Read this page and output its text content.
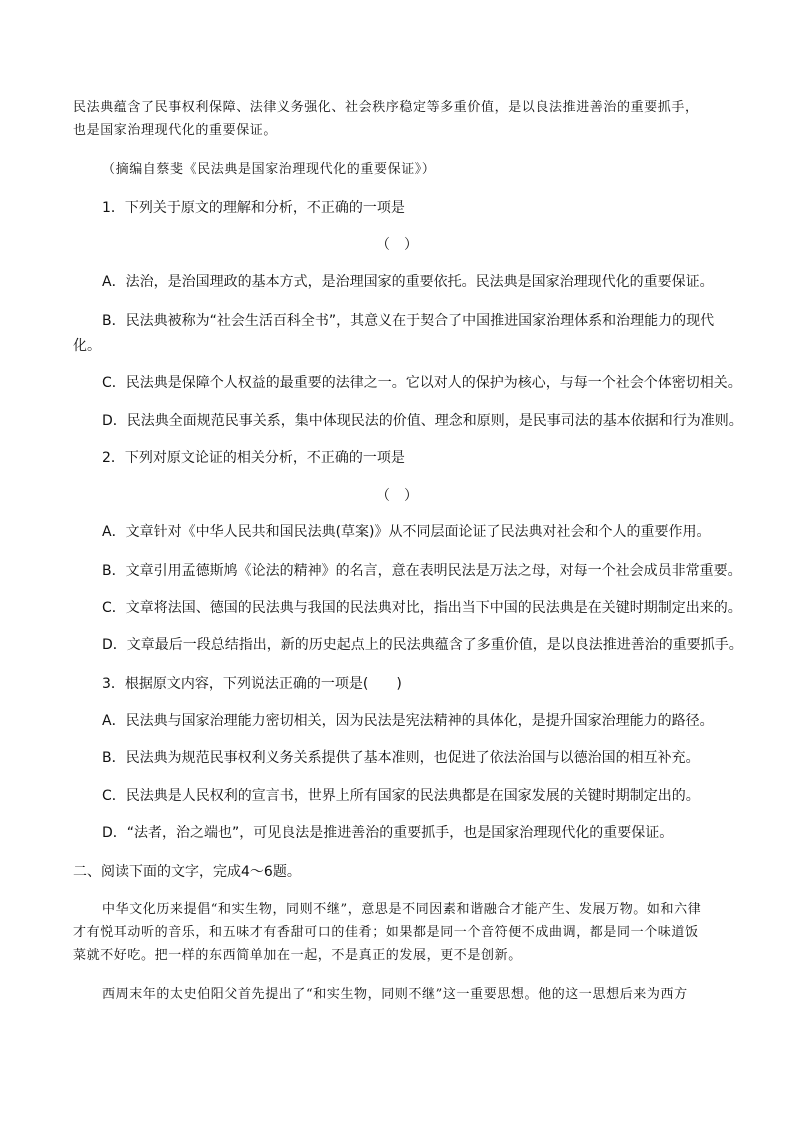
民法典蕴含了民事权利保障、法律义务强化、社会秩序稳定等多重价值，是以良法推进善治的重要抓手，
也是国家治理现代化的重要保证。
（摘编自蔡斐《民法典是国家治理现代化的重要保证》）
1．下列关于原文的理解和分析，不正确的一项是
（　）
A．法治，是治国理政的基本方式，是治理国家的重要依托。民法典是国家治理现代化的重要保证。
B．民法典被称为“社会生活百科全书”，其意义在于契合了中国推进国家治理体系和治理能力的现代
化。
C．民法典是保障个人权益的最重要的法律之一。它以对人的保护为核心，与每一个社会个体密切相关。
D．民法典全面规范民事关系，集中体现民法的价值、理念和原则，是民事司法的基本依据和行为准则。
2．下列对原文论证的相关分析，不正确的一项是
（　）
A．文章针对《中华人民共和国民法典(草案)》从不同层面论证了民法典对社会和个人的重要作用。
B．文章引用孟德斯鸠《论法的精神》的名言，意在表明民法是万法之母，对每一个社会成员非常重要。
C．文章将法国、德国的民法典与我国的民法典对比，指出当下中国的民法典是在关键时期制定出来的。
D．文章最后一段总结指出，新的历史起点上的民法典蕴含了多重价值，是以良法推进善治的重要抓手。
3．根据原文内容，下列说法正确的一项是(　　)
A．民法典与国家治理能力密切相关，因为民法是宪法精神的具体化，是提升国家治理能力的路径。
B．民法典为规范民事权利义务关系提供了基本准则，也促进了依法治国与以德治国的相互补充。
C．民法典是人民权利的宣言书，世界上所有国家的民法典都是在国家发展的关键时期制定出的。
D．“法者，治之端也”，可见良法是推进善治的重要抓手，也是国家治理现代化的重要保证。
二、阅读下面的文字，完成4～6题。
中华文化历来提倡“和实生物，同则不继”，意思是不同因素和谐融合才能产生、发展万物。如和六律
才有悦耳动听的音乐，和五味才有香甜可口的佳肴；如果都是同一个音符便不成曲调，都是同一个味道饭
菜就不好吃。把一样的东西简单加在一起，不是真正的发展，更不是创新。
西周末年的太史伯阳父首先提出了“和实生物，同则不继”这一重要思想。他的这一思想后来为西方
